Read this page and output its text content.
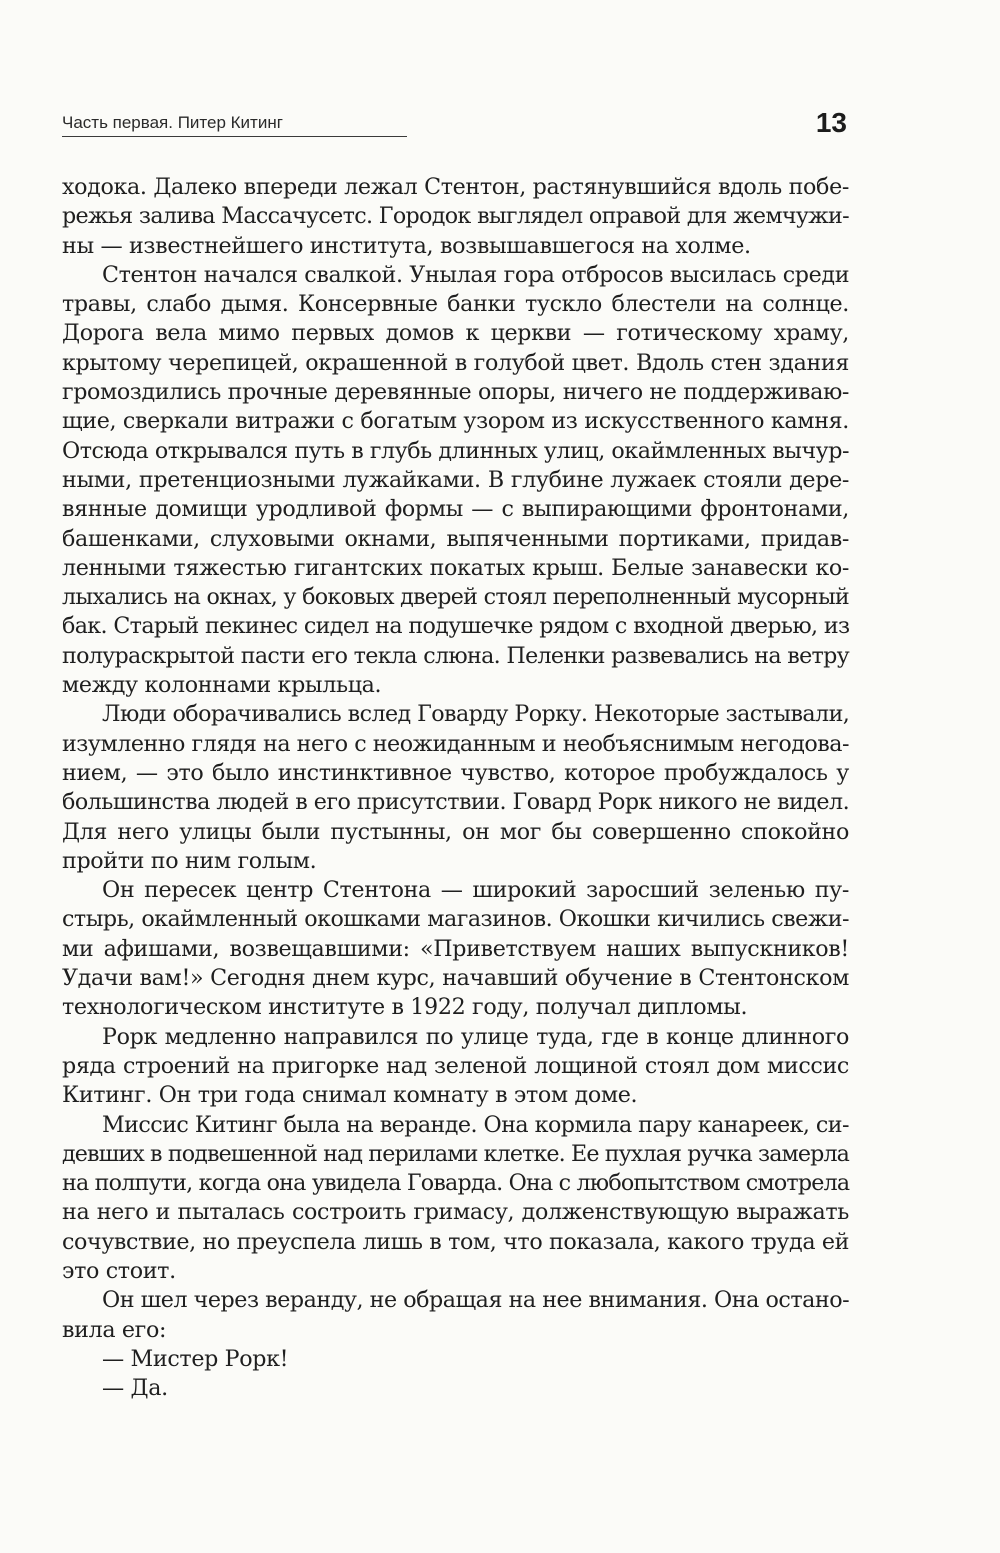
Часть первая. Питер Китинг	13
ходока. Далеко впереди лежал Стентон, растянувшийся вдоль побе-
режья залива Массачусетс. Городок выглядел оправой для жемчужи-
ны — известнейшего института, возвышавшегося на холме.
Стентон начался свалкой. Унылая гора отбросов высилась среди
травы, слабо дымя. Консервные банки тускло блестели на солнце.
Дорога вела мимо первых домов к церкви — готическому храму,
крытому черепицей, окрашенной в голубой цвет. Вдоль стен здания
громоздились прочные деревянные опоры, ничего не поддерживаю-
щие, сверкали витражи с богатым узором из искусственного камня.
Отсюда открывался путь в глубь длинных улиц, окаймленных вычур-
ными, претенциозными лужайками. В глубине лужаек стояли дере-
вянные домищи уродливой формы — с выпирающими фронтонами,
башенками, слуховыми окнами, выпяченными портиками, придав-
ленными тяжестью гигантских покатых крыш. Белые занавески ко-
лыхались на окнах, у боковых дверей стоял переполненный мусорный
бак. Старый пекинес сидел на подушечке рядом с входной дверью, из
полураскрытой пасти его текла слюна. Пеленки развевались на ветру
между колоннами крыльца.
Люди оборачивались вслед Говарду Рорку. Некоторые застывали,
изумленно глядя на него с неожиданным и необъяснимым негодова-
нием, — это было инстинктивное чувство, которое пробуждалось у
большинства людей в его присутствии. Говард Рорк никого не видел.
Для него улицы были пустынны, он мог бы совершенно спокойно
пройти по ним голым.
Он пересек центр Стентона — широкий заросший зеленью пу-
стырь, окаймленный окошками магазинов. Окошки кичились свежи-
ми афишами, возвещавшими: «Приветствуем наших выпускников!
Удачи вам!» Сегодня днем курс, начавший обучение в Стентонском
технологическом институте в 1922 году, получал дипломы.
Рорк медленно направился по улице туда, где в конце длинного
ряда строений на пригорке над зеленой лощиной стоял дом миссис
Китинг. Он три года снимал комнату в этом доме.
Миссис Китинг была на веранде. Она кормила пару канареек, си-
девших в подвешенной над перилами клетке. Ее пухлая ручка замерла
на полпути, когда она увидела Говарда. Она с любопытством смотрела
на него и пыталась состроить гримасу, долженствующую выражать
сочувствие, но преуспела лишь в том, что показала, какого труда ей
это стоит.
Он шел через веранду, не обращая на нее внимания. Она остано-
вила его:
— Мистер Рорк!
— Да.
